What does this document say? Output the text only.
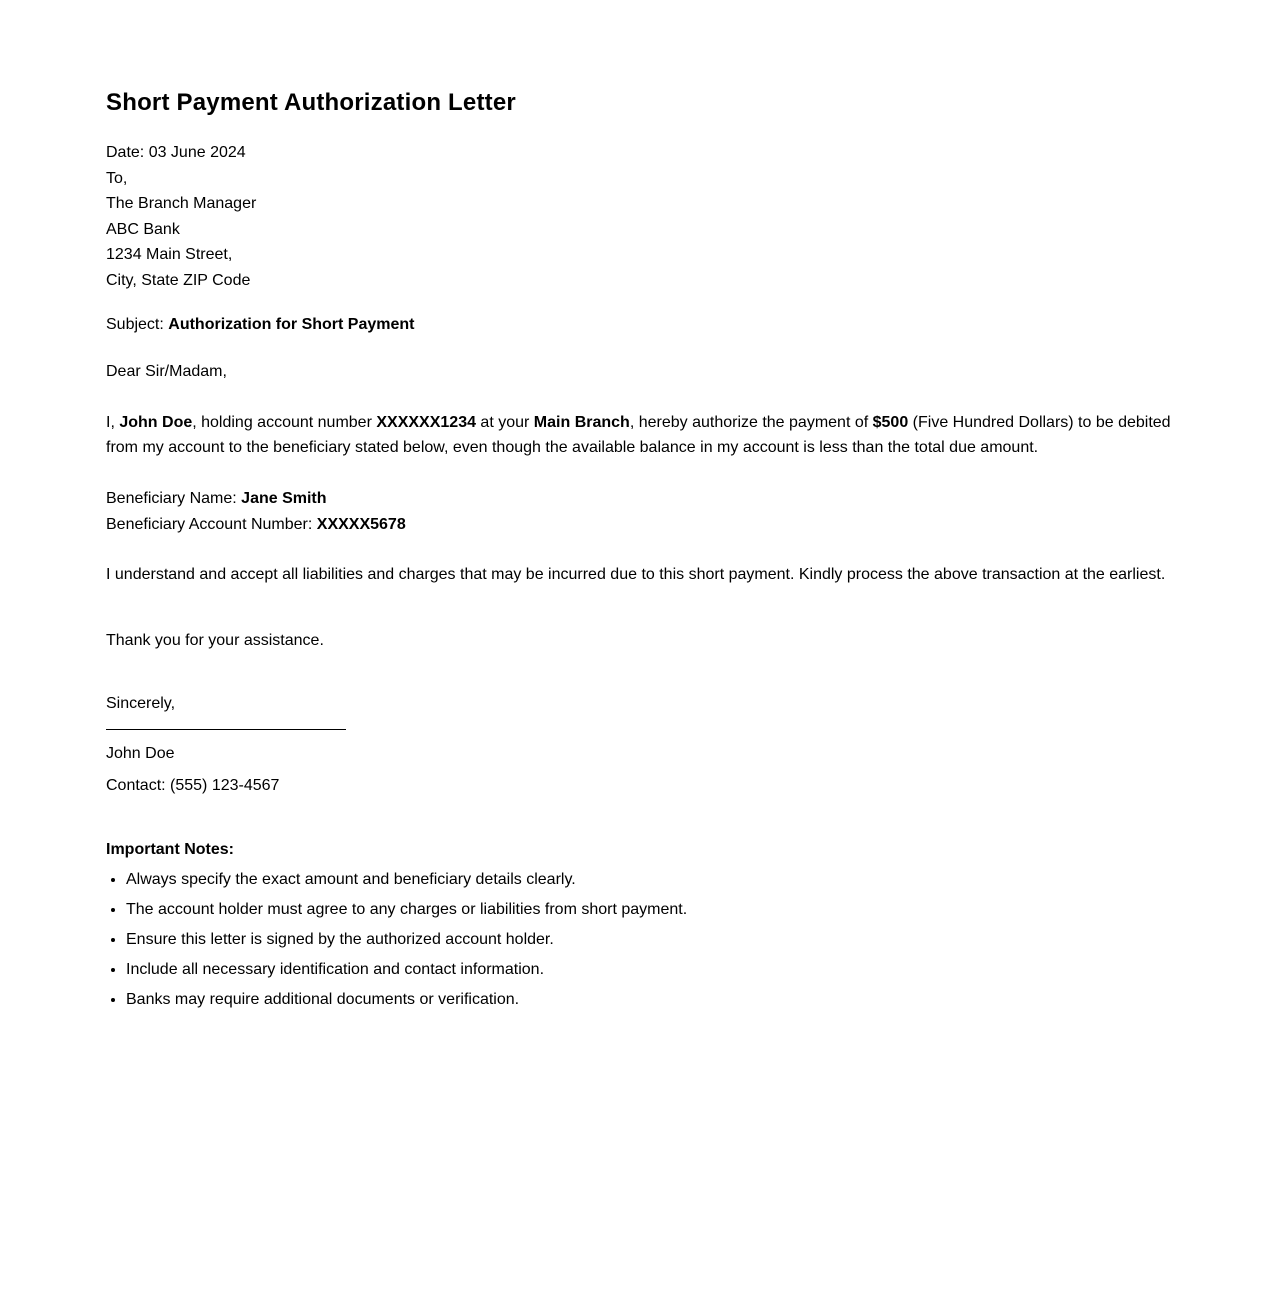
Short Payment Authorization Letter
Date: 03 June 2024
To,
The Branch Manager
ABC Bank
1234 Main Street,
City, State ZIP Code
Subject: Authorization for Short Payment
Dear Sir/Madam,
I, John Doe, holding account number XXXXXX1234 at your Main Branch, hereby authorize the payment of $500 (Five Hundred Dollars) to be debited from my account to the beneficiary stated below, even though the available balance in my account is less than the total due amount.
Beneficiary Name: Jane Smith
Beneficiary Account Number: XXXXX5678
I understand and accept all liabilities and charges that may be incurred due to this short payment. Kindly process the above transaction at the earliest.
Thank you for your assistance.
Sincerely,
John Doe
Contact: (555) 123-4567
Important Notes:
• Always specify the exact amount and beneficiary details clearly.
• The account holder must agree to any charges or liabilities from short payment.
• Ensure this letter is signed by the authorized account holder.
• Include all necessary identification and contact information.
• Banks may require additional documents or verification.
